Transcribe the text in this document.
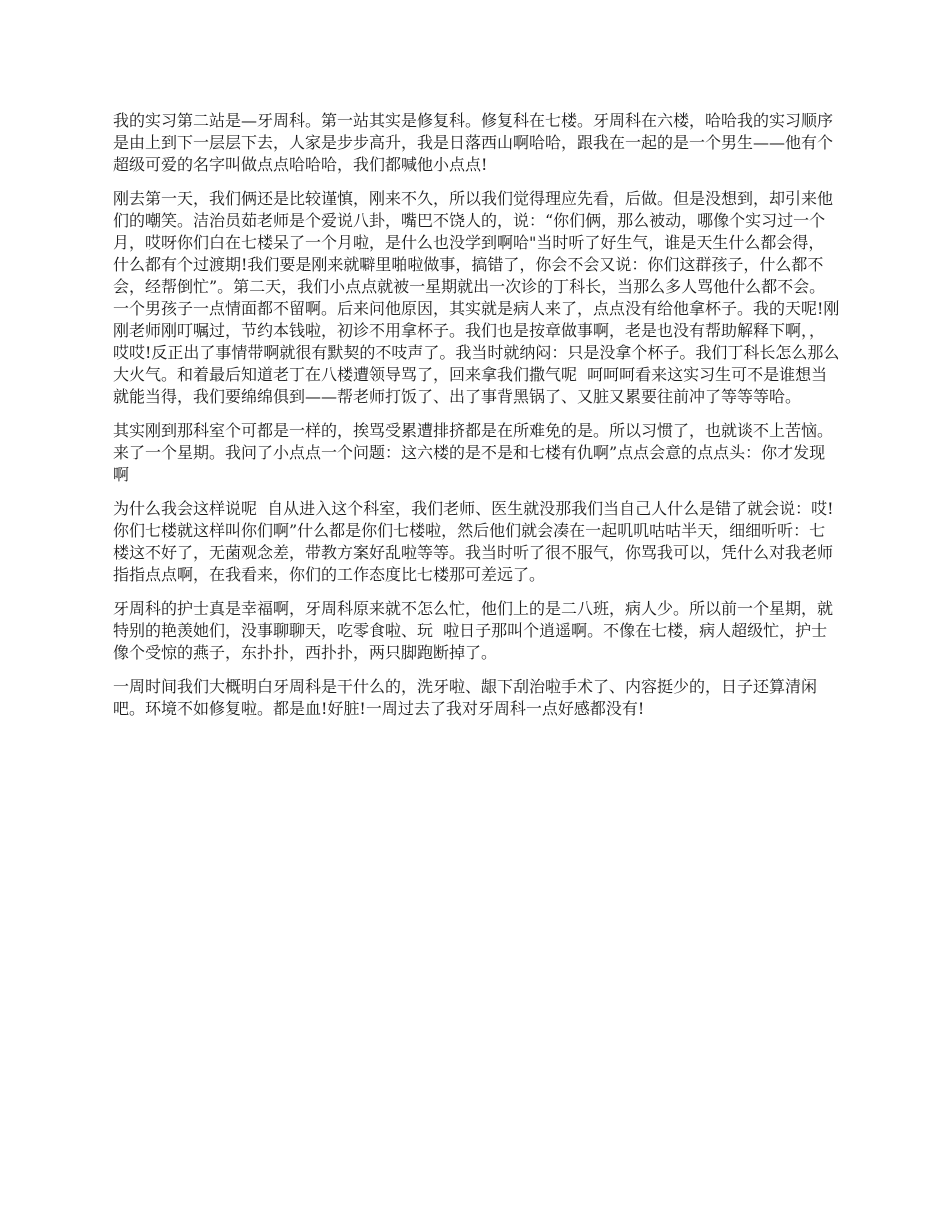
我的实习第二站是—牙周科。第一站其实是修复科。修复科在七楼。牙周科在六楼，哈哈我的实习顺序是由上到下一层层下去，人家是步步高升，我是日落西山啊哈哈，跟我在一起的是一个男生——他有个超级可爱的名字叫做点点哈哈哈，我们都喊他小点点!

刚去第一天，我们俩还是比较谨慎，刚来不久，所以我们觉得理应先看，后做。但是没想到，却引来他们的嘲笑。洁治员茹老师是个爱说八卦，嘴巴不饶人的，说：“你们俩，那么被动，哪像个实习过一个月，哎呀你们白在七楼呆了一个月啦，是什么也没学到啊哈"当时听了好生气，谁是天生什么都会得，什么都有个过渡期!我们要是刚来就噼里啪啦做事，搞错了，你会不会又说：你们这群孩子，什么都不会，经帮倒忙”。第二天，我们小点点就被一星期就出一次诊的丁科长，当那么多人骂他什么都不会。一个男孩子一点情面都不留啊。后来问他原因，其实就是病人来了，点点没有给他拿杯子。我的天呢!刚刚老师刚叮嘱过，节约本钱啦，初诊不用拿杯子。我们也是按章做事啊，老是也没有帮助解释下啊，，哎哎!反正出了事情带啊就很有默契的不吱声了。我当时就纳闷：只是没拿个杯子。我们丁科长怎么那么大火气。和着最后知道老丁在八楼遭领导骂了，回来拿我们撒气呢  呵呵呵看来这实习生可不是谁想当就能当得，我们要绵绵俱到——帮老师打饭了、出了事背黑锅了、又脏又累要往前冲了等等等哈。

其实刚到那科室个可都是一样的，挨骂受累遭排挤都是在所难免的是。所以习惯了，也就谈不上苦恼。来了一个星期。我问了小点点一个问题：这六楼的是不是和七楼有仇啊”点点会意的点点头：你才发现啊

为什么我会这样说呢  自从进入这个科室，我们老师、医生就没那我们当自己人什么是错了就会说：哎!你们七楼就这样叫你们啊”什么都是你们七楼啦，然后他们就会凑在一起叽叽咕咕半天，细细听听：七楼这不好了，无菌观念差，带教方案好乱啦等等。我当时听了很不服气，你骂我可以，凭什么对我老师指指点点啊，在我看来，你们的工作态度比七楼那可差远了。

牙周科的护士真是幸福啊，牙周科原来就不怎么忙，他们上的是二八班，病人少。所以前一个星期，就特别的艳羡她们，没事聊聊天，吃零食啦、玩  啦日子那叫个逍遥啊。不像在七楼，病人超级忙，护士像个受惊的燕子，东扑扑，西扑扑，两只脚跑断掉了。

一周时间我们大概明白牙周科是干什么的，洗牙啦、龈下刮治啦手术了、内容挺少的，日子还算清闲吧。环境不如修复啦。都是血!好脏!一周过去了我对牙周科一点好感都没有!
